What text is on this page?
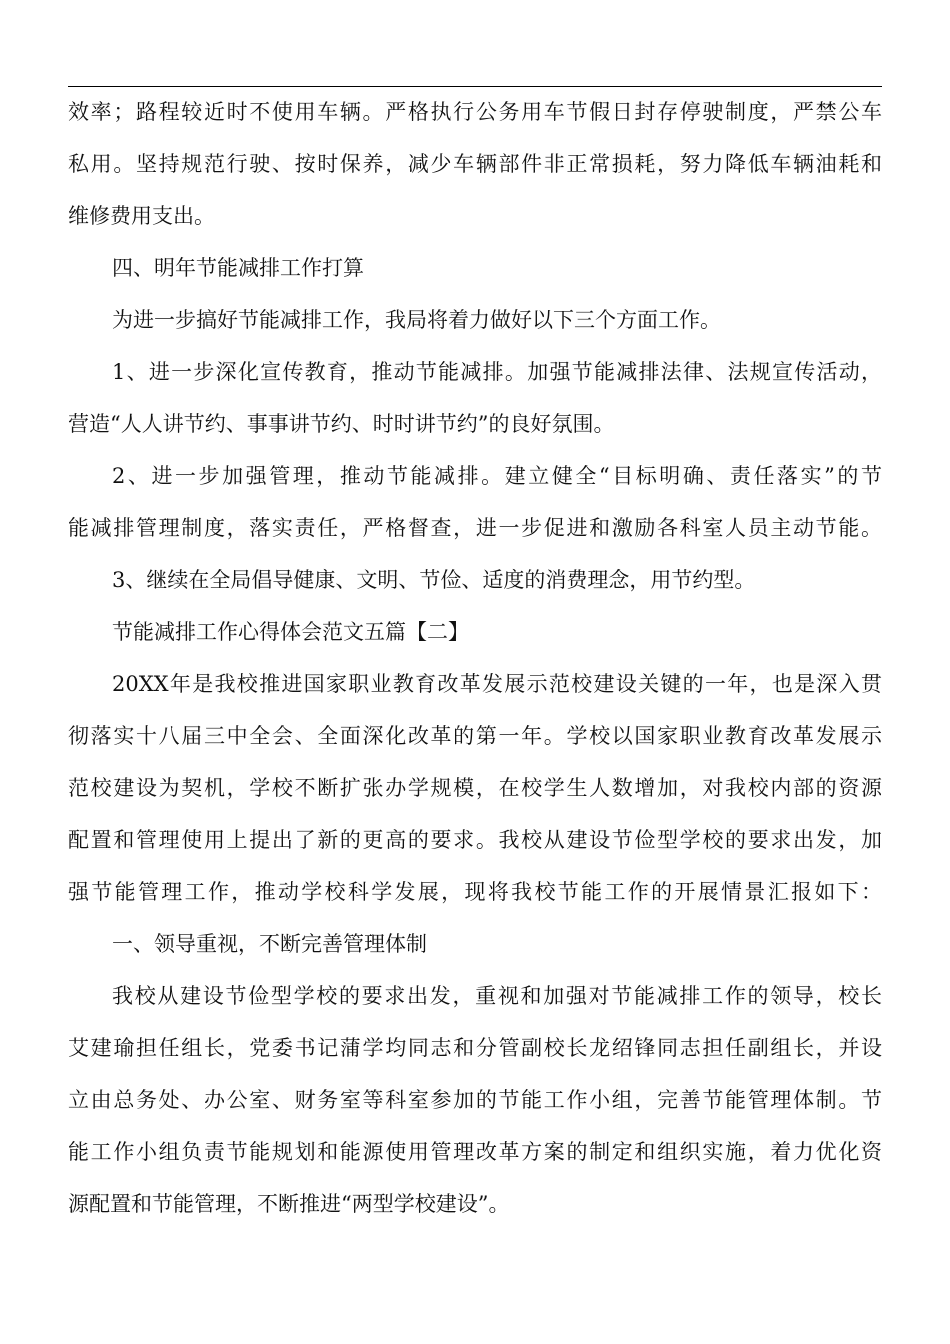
效率；路程较近时不使用车辆。严格执行公务用车节假日封存停驶制度，严禁公车
私用。坚持规范行驶、按时保养，减少车辆部件非正常损耗，努力降低车辆油耗和
维修费用支出。
四、明年节能减排工作打算
为进一步搞好节能减排工作，我局将着力做好以下三个方面工作。
1、进一步深化宣传教育，推动节能减排。加强节能减排法律、法规宣传活动，
营造“人人讲节约、事事讲节约、时时讲节约”的良好氛围。
2、进一步加强管理，推动节能减排。建立健全“目标明确、责任落实”的节
能减排管理制度，落实责任，严格督查，进一步促进和激励各科室人员主动节能。
3、继续在全局倡导健康、文明、节俭、适度的消费理念，用节约型。
节能减排工作心得体会范文五篇【二】
20XX年是我校推进国家职业教育改革发展示范校建设关键的一年，也是深入贯
彻落实十八届三中全会、全面深化改革的第一年。学校以国家职业教育改革发展示
范校建设为契机，学校不断扩张办学规模，在校学生人数增加，对我校内部的资源
配置和管理使用上提出了新的更高的要求。我校从建设节俭型学校的要求出发，加
强节能管理工作，推动学校科学发展，现将我校节能工作的开展情景汇报如下：
一、领导重视，不断完善管理体制
我校从建设节俭型学校的要求出发，重视和加强对节能减排工作的领导，校长
艾建瑜担任组长，党委书记蒲学均同志和分管副校长龙绍锋同志担任副组长，并设
立由总务处、办公室、财务室等科室参加的节能工作小组，完善节能管理体制。节
能工作小组负责节能规划和能源使用管理改革方案的制定和组织实施，着力优化资
源配置和节能管理，不断推进“两型学校建设”。
